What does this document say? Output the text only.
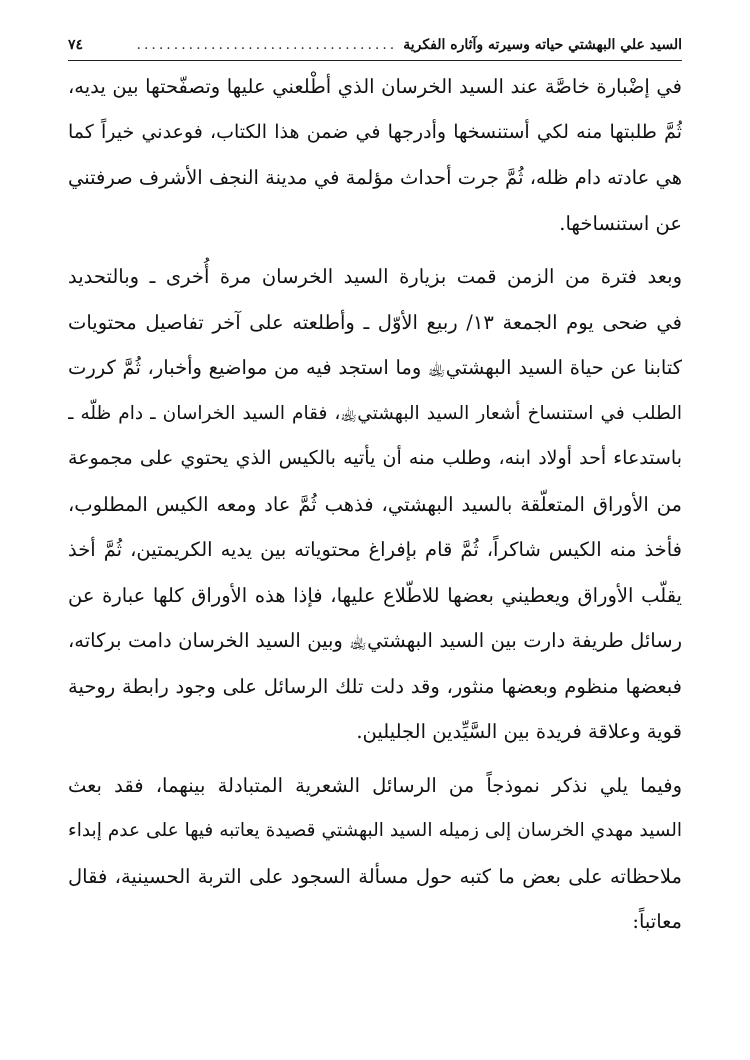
السيد علي البهشتي حياته وسيرته وآثاره الفكرية
...................................
٧٤
في إضْبارة خاصَّة عند السيد الخرسان الذي أطْلعني عليها وتصفّحتها بين يديه،
ثُمَّ طلبتها منه لكي أستنسخها وأدرجها في ضمن هذا الكتاب، فوعدني خيراً كما
هي عادته دام ظله، ثُمَّ جرت أحداث مؤلمة في مدينة النجف الأشرف صرفتني
عن استنساخها.
وبعد فترة من الزمن قمت بزيارة السيد الخرسان مرة أُخرى ـ وبالتحديد
في ضحى يوم الجمعة ١٣/ ربيع الأوّل ـ وأطلعته على آخر تفاصيل محتويات
كتابنا عن حياة السيد البهشتي﵀ وما استجد فيه من مواضيع وأخبار، ثُمَّ كررت
الطلب في استنساخ أشعار السيد البهشتي﵀، فقام السيد الخراسان ـ دام ظلّه ـ
باستدعاء أحد أولاد ابنه، وطلب منه أن يأتيه بالكيس الذي يحتوي على مجموعة
من الأوراق المتعلّقة بالسيد البهشتي، فذهب ثُمَّ عاد ومعه الكيس المطلوب،
فأخذ منه الكيس شاكراً، ثُمَّ قام بإفراغ محتوياته بين يديه الكريمتين، ثُمَّ أخذ
يقلّب الأوراق ويعطيني بعضها للاطّلاع عليها، فإذا هذه الأوراق كلها عبارة عن
رسائل طريفة دارت بين السيد البهشتي﵀ وبين السيد الخرسان دامت بركاته،
فبعضها منظوم وبعضها منثور، وقد دلت تلك الرسائل على وجود رابطة روحية
قوية وعلاقة فريدة بين السَّيِّدين الجليلين.
وفيما يلي نذكر نموذجاً من الرسائل الشعرية المتبادلة بينهما، فقد بعث
السيد مهدي الخرسان إلى زميله السيد البهشتي قصيدة يعاتبه فيها على عدم إبداء
ملاحظاته على بعض ما كتبه حول مسألة السجود على التربة الحسينية، فقال
معاتباً:
